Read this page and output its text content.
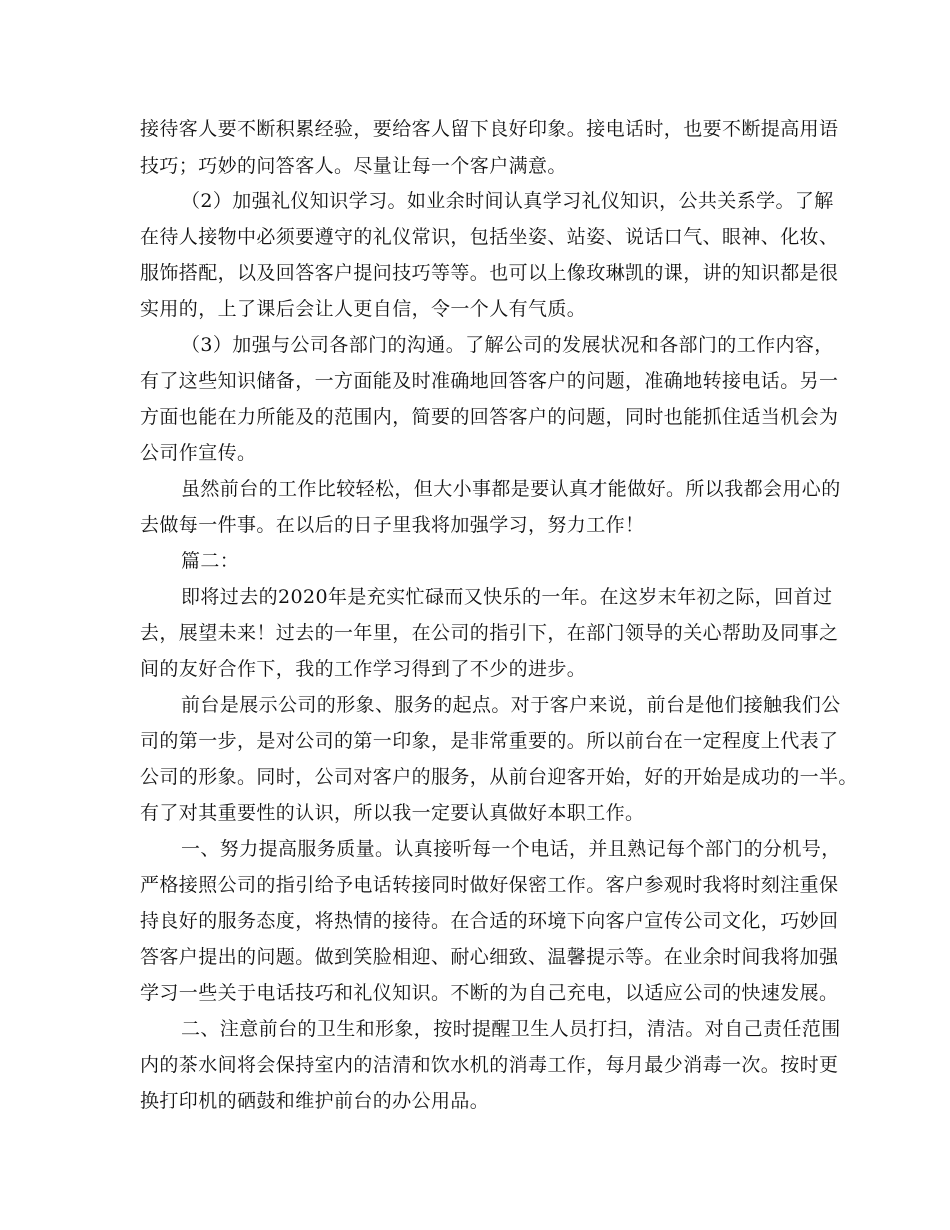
接待客人要不断积累经验，要给客人留下良好印象。接电话时，也要不断提高用语
技巧；巧妙的问答客人。尽量让每一个客户满意。
（2）加强礼仪知识学习。如业余时间认真学习礼仪知识，公共关系学。了解
在待人接物中必须要遵守的礼仪常识，包括坐姿、站姿、说话口气、眼神、化妆、
服饰搭配，以及回答客户提问技巧等等。也可以上像玫琳凯的课，讲的知识都是很
实用的，上了课后会让人更自信，令一个人有气质。
（3）加强与公司各部门的沟通。了解公司的发展状况和各部门的工作内容，
有了这些知识储备，一方面能及时准确地回答客户的问题，准确地转接电话。另一
方面也能在力所能及的范围内，简要的回答客户的问题，同时也能抓住适当机会为
公司作宣传。
虽然前台的工作比较轻松，但大小事都是要认真才能做好。所以我都会用心的
去做每一件事。在以后的日子里我将加强学习，努力工作！
篇二：
即将过去的2020年是充实忙碌而又快乐的一年。在这岁末年初之际，回首过
去，展望未来！过去的一年里，在公司的指引下，在部门领导的关心帮助及同事之
间的友好合作下，我的工作学习得到了不少的进步。
前台是展示公司的形象、服务的起点。对于客户来说，前台是他们接触我们公
司的第一步，是对公司的第一印象，是非常重要的。所以前台在一定程度上代表了
公司的形象。同时，公司对客户的服务，从前台迎客开始，好的开始是成功的一半。
有了对其重要性的认识，所以我一定要认真做好本职工作。
一、努力提高服务质量。认真接听每一个电话，并且熟记每个部门的分机号，
严格接照公司的指引给予电话转接同时做好保密工作。客户参观时我将时刻注重保
持良好的服务态度，将热情的接待。在合适的环境下向客户宣传公司文化，巧妙回
答客户提出的问题。做到笑脸相迎、耐心细致、温馨提示等。在业余时间我将加强
学习一些关于电话技巧和礼仪知识。不断的为自己充电，以适应公司的快速发展。
二、注意前台的卫生和形象，按时提醒卫生人员打扫，清洁。对自己责任范围
内的茶水间将会保持室内的洁清和饮水机的消毒工作，每月最少消毒一次。按时更
换打印机的硒鼓和维护前台的办公用品。
